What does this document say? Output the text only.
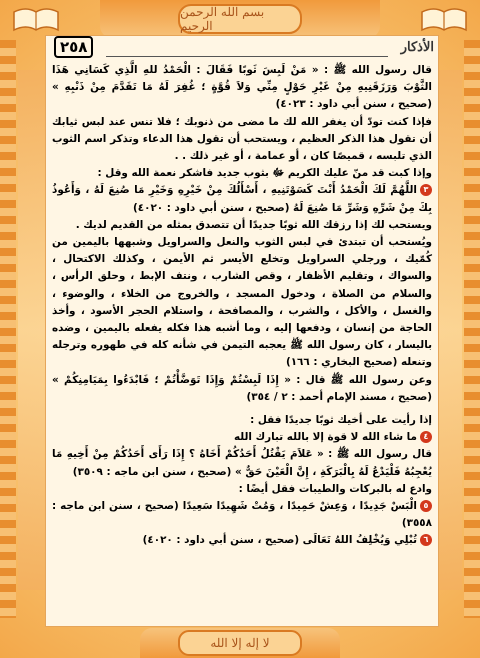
بسم الله الرحمن الرحيم
لا إله إلا الله
٢٥٨	الأذكار

قال رسول الله ﷺ : « مَنْ لَبِسَ ثَوبًا فَقَالَ : الْحَمْدُ للهِ الَّذِي كَسَانِي هَذَا الثَّوْبَ وَرَزَقَنِيهِ مِنْ غَيْرِ حَوْلٍ مِنِّي وَلاَ قُوَّةٍ ؛ غُفِرَ لَهُ مَا تَقَدَّمَ مِنْ ذَنْبِهِ » (صحيح ، سنن أبي داود : ٤٠٢٣)

فإذا كنت تودّ أن يغفر الله لك ما مضى من ذنوبك ؛ فلا تنس عند لبس ثيابك أن تقول هذا الذكر العظيم ، ويستحب أن تقول هذا الدعاء وتذكر اسم الثوب الذي تلبسه ، قميصًا كان ، أو عمامة ، أو غير ذلك . .

وإذا كبت قد منّ عليك الكريم ﷻ بثوب جديد فاشكر نعمة الله وقل :

٣اللَّهُمَّ لَكَ الْحَمْدُ أَنْتَ كَسَوْتَنِيهِ ، أَسْأَلُكَ مِنْ خَيْرِهِ وَخَيْرِ مَا صُنِعَ لَهُ ، وَأَعُوذُ بِكَ مِنْ شَرِّهِ وَشَرِّ مَا صُنِعَ لَهُ (صحيح ، سنن أبي داود : ٤٠٢٠)

ويستحب لك إذا رزقك الله ثوبًا جديدًا أن تتصدق بمثله من القديم لديك .

ويُستحب أن تبتدئ في لبس الثوب والنعل والسراويل وشبهها باليمين من كُمّيك ، ورجلي السراويل وتخلع الأيسر ثم الأيمن ، وكذلك الاكتحال ، والسواك ، وتقليم الأظفار ، وقص الشارب ، ونتف الإبط ، وحلق الرأس ، والسلام من الصلاة ، ودخول المسجد ، والخروج من الخلاء ، والوضوء ، والغسل ، والأكل ، والشرب ، والمصافحة ، واستلام الحجر الأسود ، وأخذ الحاجة من إنسان ، ودفعها إليه ، وما أشبه هذا فكله يفعله باليمين ، وضده باليسار ، كان رسول الله ﷺ يعجبه التيمن في شأنه كله في طهوره وترجله وتنعله (صحيح البخاري : ١٦٦)

وعن رسول الله ﷺ قال : « إِذَا لَبِسْتُمْ وَإِذَا تَوَضَّأْتُمْ ؛ فَابْدَءُوا بِمَيَامِنِكُمْ » (صحيح ، مسند الإمام أحمد : ٢ / ٣٥٤)

إذا رأيت على أخيك ثوبًا جديدًا فقل :

٤ما شاء الله لا قوة إلا بالله تبارك الله

قال رسول الله ﷺ : « عَلاَمَ يَقْتُلُ أَحَدُكُمْ أَخَاهُ ؟ إِذَا رَأَى أَحَدُكُمْ مِنْ أَخِيهِ مَا يُعْجِبُهُ فَلْيَدْعُ لَهُ بِالْبَرَكَةِ ، إِنَّ الْعَيْنَ حَقٌّ » (صحيح ، سنن ابن ماجه : ٣٥٠٩)

وادع له بالبركات والطيبات فقل أيضًا :

٥الْبَسْ جَدِيدًا ، وَعِشْ حَمِيدًا ، وَمُتْ شَهِيدًا سَعِيدًا (صحيح ، سنن ابن ماجه : ٣٥٥٨)

٦تُبْلِي وَيُخْلِفُ اللهُ تَعَالَى (صحيح ، سنن أبي داود : ٤٠٢٠)
